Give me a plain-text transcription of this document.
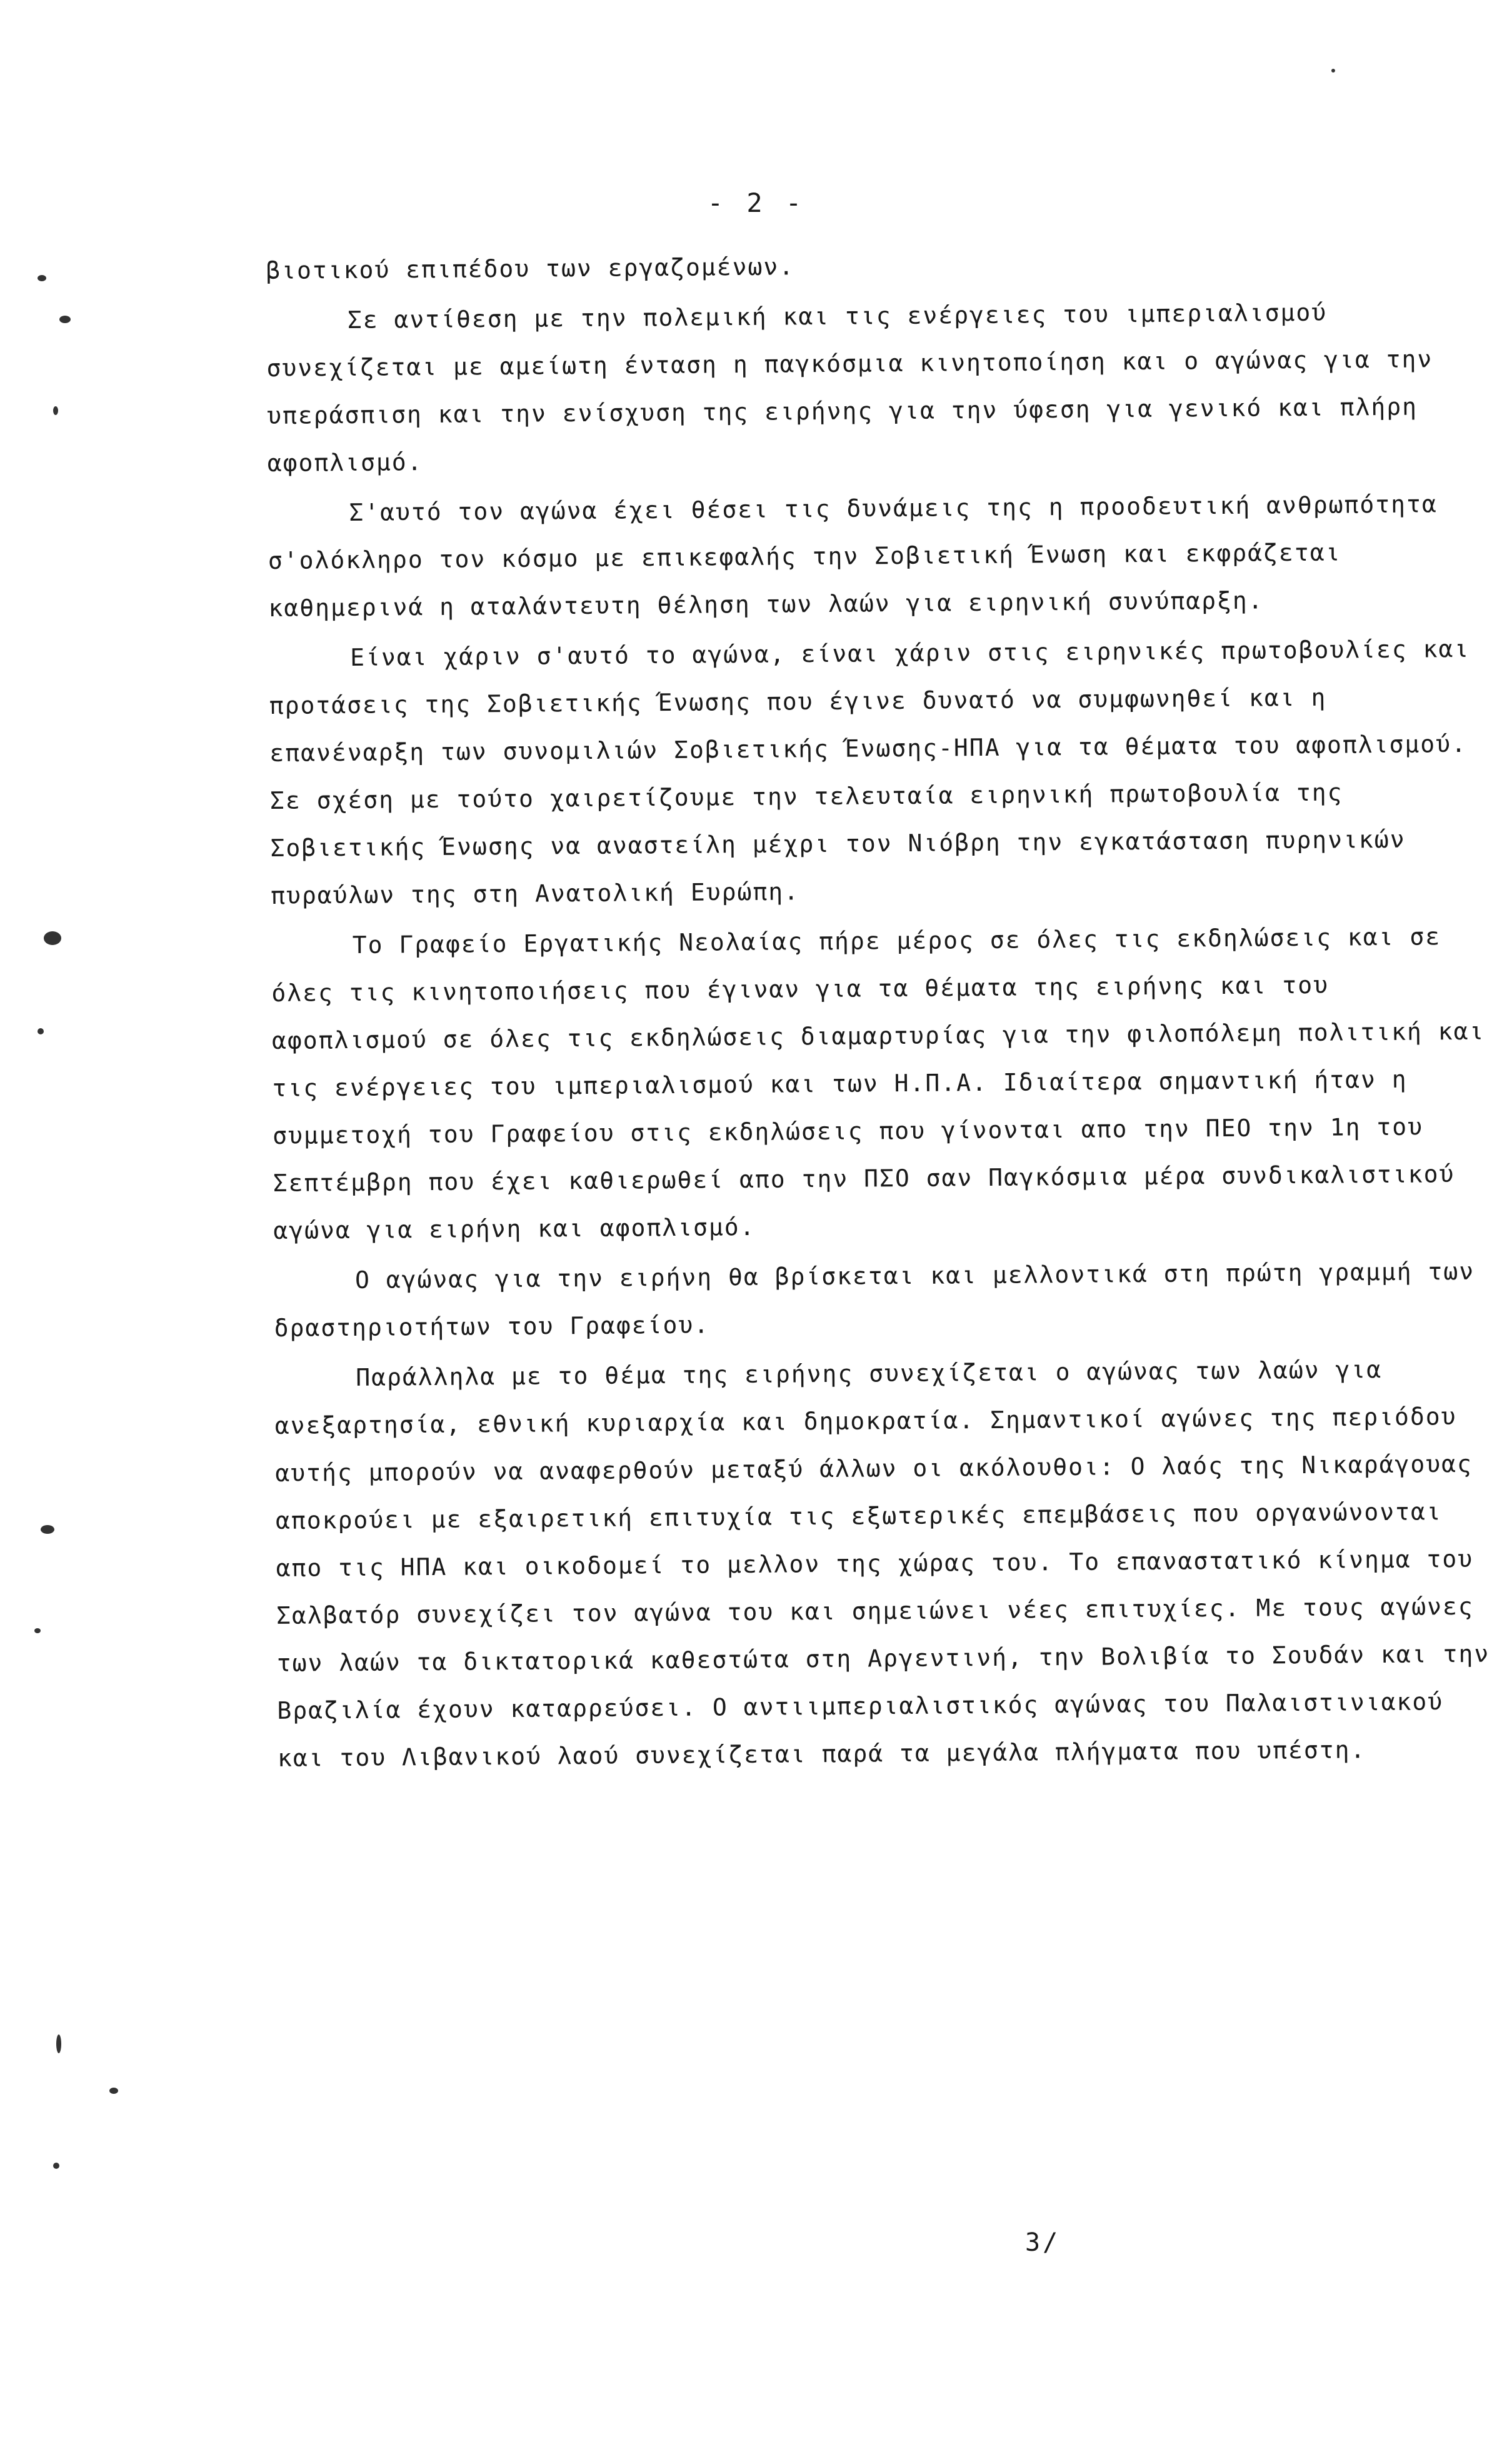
- 2 -

βιοτικού επιπέδου των εργαζομένων.

Σε αντίθεση με την πολεμική και τις ενέργειες του ιμπεριαλισμού συνεχίζεται με αμείωτη ένταση η παγκόσμια κινητοποίηση και ο αγώνας για την υπεράσπιση και την ενίσχυση της ειρήνης για την ύφεση για γενικό και πλήρη αφοπλισμό.

Σ'αυτό τον αγώνα έχει θέσει τις δυνάμεις της η προοδευτική ανθρωπότητα σ'ολόκληρο τον κόσμο με επικεφαλής την Σοβιετική Ένωση και εκφράζεται καθημερινά η αταλάντευτη θέληση των λαών για ειρηνική συνύπαρξη.

Είναι χάριν σ'αυτό το αγώνα, είναι χάριν στις ειρηνικές πρωτοβουλίες και προτάσεις της Σοβιετικής Ένωσης που έγινε δυνατό να συμφωνηθεί και η επανέναρξη των συνομιλιών Σοβιετικής Ένωσης-ΗΠΑ για τα θέματα του αφοπλισμού. Σε σχέση με τούτο χαιρετίζουμε την τελευταία ειρηνική πρωτοβουλία της Σοβιετικής Ένωσης να αναστείλη μέχρι τον Νιόβρη την εγκατάσταση πυρηνικών πυραύλων της στη Ανατολική Ευρώπη.

Το Γραφείο Εργατικής Νεολαίας πήρε μέρος σε όλες τις εκδηλώσεις και σε όλες τις κινητοποιήσεις που έγιναν για τα θέματα της ειρήνης και του αφοπλισμού σε όλες τις εκδηλώσεις διαμαρτυρίας για την φιλοπόλεμη πολιτική και τις ενέργειες του ιμπεριαλισμού και των Η.Π.Α. Ιδιαίτερα σημαντική ήταν η συμμετοχή του Γραφείου στις εκδηλώσεις που γίνονται απο την ΠΕΟ την 1η του Σεπτέμβρη που έχει καθιερωθεί απο την ΠΣΟ σαν Παγκόσμια μέρα συνδικαλιστικού αγώνα για ειρήνη και αφοπλισμό.

Ο αγώνας για την ειρήνη θα βρίσκεται και μελλοντικά στη πρώτη γραμμή των δραστηριοτήτων του Γραφείου.

Παράλληλα με το θέμα της ειρήνης συνεχίζεται ο αγώνας των λαών για ανεξαρτησία, εθνική κυριαρχία και δημοκρατία. Σημαντικοί αγώνες της περιόδου αυτής μπορούν να αναφερθούν μεταξύ άλλων οι ακόλουθοι: Ο λαός της Νικαράγουας αποκρούει με εξαιρετική επιτυχία τις εξωτερικές επεμβάσεις που οργανώνονται απο τις ΗΠΑ και οικοδομεί το μελλον της χώρας του. Το επαναστατικό κίνημα του Σαλβατόρ συνεχίζει τον αγώνα του και σημειώνει νέες επιτυχίες. Με τους αγώνες των λαών τα δικτατορικά καθεστώτα στη Αργεντινή, την Βολιβία το Σουδάν και την Βραζιλία έχουν καταρρεύσει. Ο αντιιμπεριαλιστικός αγώνας του Παλαιστινιακού και του Λιβανικού λαού συνεχίζεται παρά τα μεγάλα πλήγματα που υπέστη.

3/
